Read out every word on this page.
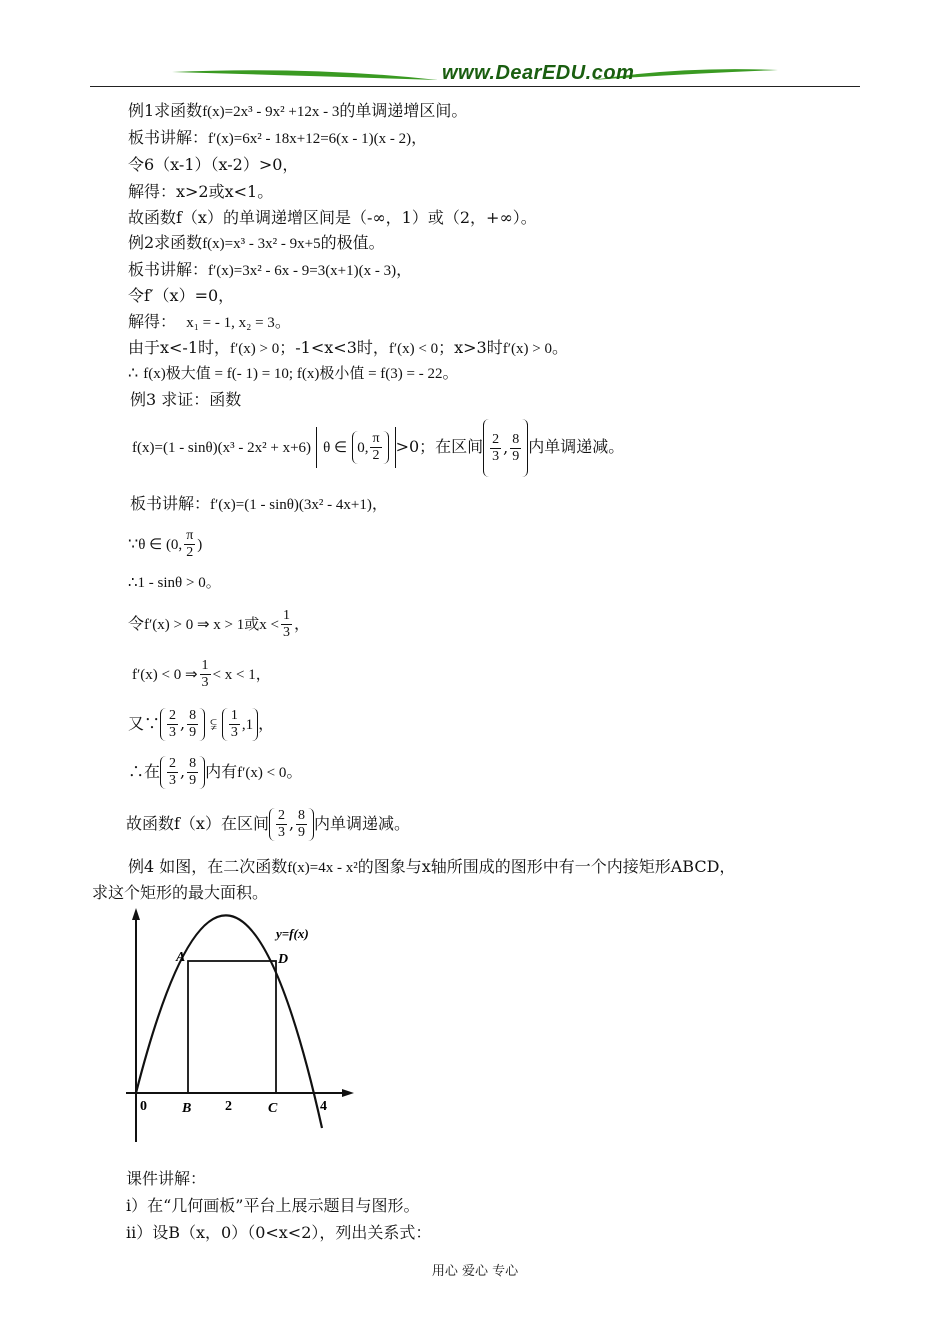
www.DearEDU.com
例1求函数f(x)=2x³ - 9x² +12x - 3的单调递增区间。
板书讲解：f′(x)=6x² - 18x+12=6(x - 1)(x - 2)，
令6（x-1）（x-2）>0，
解得：x>2或x<1。
故函数f（x）的单调递增区间是（-∞，1）或（2，+∞）。
例2求函数f(x)=x³ - 3x² - 9x+5的极值。
板书讲解：f′(x)=3x² - 6x - 9=3(x+1)(x - 3)，
令f′（x）=0，
解得： x₁ = - 1, x₂ = 3。
由于x<-1时，f′(x) > 0；-1<x<3时，f′(x) < 0；x>3时f′(x) > 0。
∴ f(x)极大值 = f(- 1) = 10; f(x)极小值 = f(3) = - 22。
例3 求证：函数
f(x)=(1 - sinθ)(x³ - 2x² + x+6) θ ∈ 0, $\frac{\pi}{2} >0$；在区间 $\frac{2}{3}$ , $\frac{8}{9}$ 内单调递减。
板书讲解：f′(x)=(1 - sinθ)(3x² - 4x+1)，
∵θ ∈ (0, $\frac{\pi}{2}$ )
∴1 - sinθ > 0。
令f′(x) > 0 ⇒ x > 1或$x < \frac{1}{3}$ ，
f′(x) < 0 ⇒ $\frac{1}{3} < x < 1$，
又∵ $\frac{2}{3}$ , $\frac{8}{9}$ ⫋ $\frac{1}{3} ,1$ ，
∴在 $\frac{2}{3}$ , $\frac{8}{9}$ 内有f′(x) < 0。
故函数f（x）在区间 $\frac{2}{3}$ , $\frac{8}{9}$ 内单调递减。
例4 如图，在二次函数f(x)=4x - x²的图象与x轴所围成的图形中有一个内接矩形ABCD，
求这个矩形的最大面积。
y=f(x)
A	D
0	B 2	C	4
课件讲解：
i）在“几何画板”平台上展示题目与图形。
ii）设B（x，0）（0<x<2），列出关系式：
用心 爱心 专心
